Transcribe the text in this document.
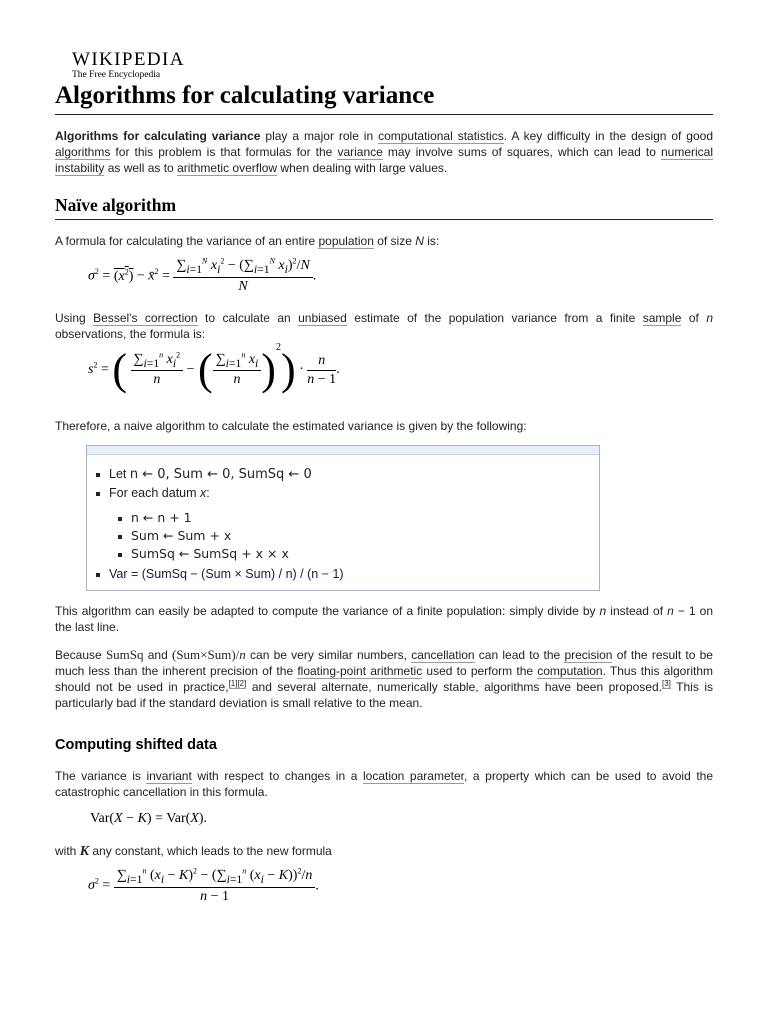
WIKIPEDIA
The Free Encyclopedia
Algorithms for calculating variance

Algorithms for calculating variance play a major role in computational statistics. A key difficulty in the design of good algorithms for this problem is that formulas for the variance may involve sums of squares, which can lead to numerical instability as well as to arithmetic overflow when dealing with large values.

Naïve algorithm

A formula for calculating the variance of an entire population of size N is:

$\sigma^2 = (x^2)$ − x̄$^2$ = $\frac{\sum_{i=1}^N x_i^2 - (\sum_{i=1}^N x_i)^2/N}{N}$ .

Using Bessel's correction to calculate an unbiased estimate of the population variance from a finite sample of n observations, the formula is:

$s^2$ = ( $\frac{\sum_{i=1}^n x_i^2}{n}$ − ( $\frac{\sum_{i=1}^n x_i}{n} )^2) \cdot \frac{n}{n - 1}$ .

Therefore, a naive algorithm to calculate the estimated variance is given by the following:

Let n ← 0, Sum ← 0, SumSq ← 0
For each datum x:
n ← n + 1
Sum ← Sum + x
SumSq ← SumSq + x × x
Var = (SumSq − (Sum × Sum) / n) / (n − 1)

This algorithm can easily be adapted to compute the variance of a finite population: simply divide by n instead of n − 1 on the last line.

Because SumSq and (Sum×Sum)/n can be very similar numbers, cancellation can lead to the precision of the result to be much less than the inherent precision of the floating-point arithmetic used to perform the computation. Thus this algorithm should not be used in practice,[1][2] and several alternate, numerically stable, algorithms have been proposed.[3] This is particularly bad if the standard deviation is small relative to the mean.

Computing shifted data

The variance is invariant with respect to changes in a location parameter, a property which can be used to avoid the catastrophic cancellation in this formula.

Var(X − K) = Var(X).

with K any constant, which leads to the new formula

$\sigma^2 = \frac{\sum_{i=1}^n (x_i - K)^2 - (\sum_{i=1}^n (x_i - K))^2/n}{n - 1}$ .
